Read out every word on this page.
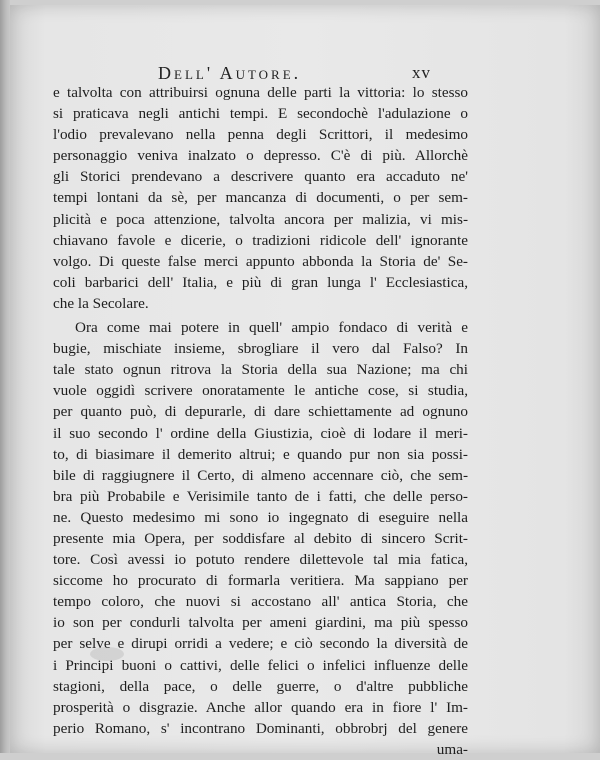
Dell' Autore.	xv
e talvolta con attribuirsi ognuna delle parti la vittoria: lo stesso
si praticava negli antichi tempi. E secondochè l'adulazione o
l'odio prevalevano nella penna degli Scrittori, il medesimo
personaggio veniva inalzato o depresso. C'è di più. Allorchè
gli Storici prendevano a descrivere quanto era accaduto ne'
tempi lontani da sè, per mancanza di documenti, o per sem-
plicità e poca attenzione, talvolta ancora per malizia, vi mis-
chiavano favole e dicerie, o tradizioni ridicole dell' ignorante
volgo. Di queste false merci appunto abbonda la Storia de' Se-
coli barbarici dell' Italia, e più di gran lunga l' Ecclesiastica,
che la Secolare.
Ora come mai potere in quell' ampio fondaco di verità e
bugie, mischiate insieme, sbrogliare il vero dal Falso? In
tale stato ognun ritrova la Storia della sua Nazione; ma chi
vuole oggidì scrivere onoratamente le antiche cose, si studia,
per quanto può, di depurarle, di dare schiettamente ad ognuno
il suo secondo l' ordine della Giustizia, cioè di lodare il meri-
to, di biasimare il demerito altrui; e quando pur non sia possi-
bile di raggiugnere il Certo, di almeno accennare ciò, che sem-
bra più Probabile e Verisimile tanto de i fatti, che delle perso-
ne. Questo medesimo mi sono io ingegnato di eseguire nella
presente mia Opera, per soddisfare al debito di sincero Scrit-
tore. Così avessi io potuto rendere dilettevole tal mia fatica,
siccome ho procurato di formarla veritiera. Ma sappiano per
tempo coloro, che nuovi si accostano all' antica Storia, che
io son per condurli talvolta per ameni giardini, ma più spesso
per selve e dirupi orridi a vedere; e ciò secondo la diversità de
i Principi buoni o cattivi, delle felici o infelici influenze delle
stagioni, della pace, o delle guerre, o d'altre pubbliche
prosperità o disgrazie. Anche allor quando era in fiore l' Im-
perio Romano, s' incontrano Dominanti, obbrobrj del genere
uma-
